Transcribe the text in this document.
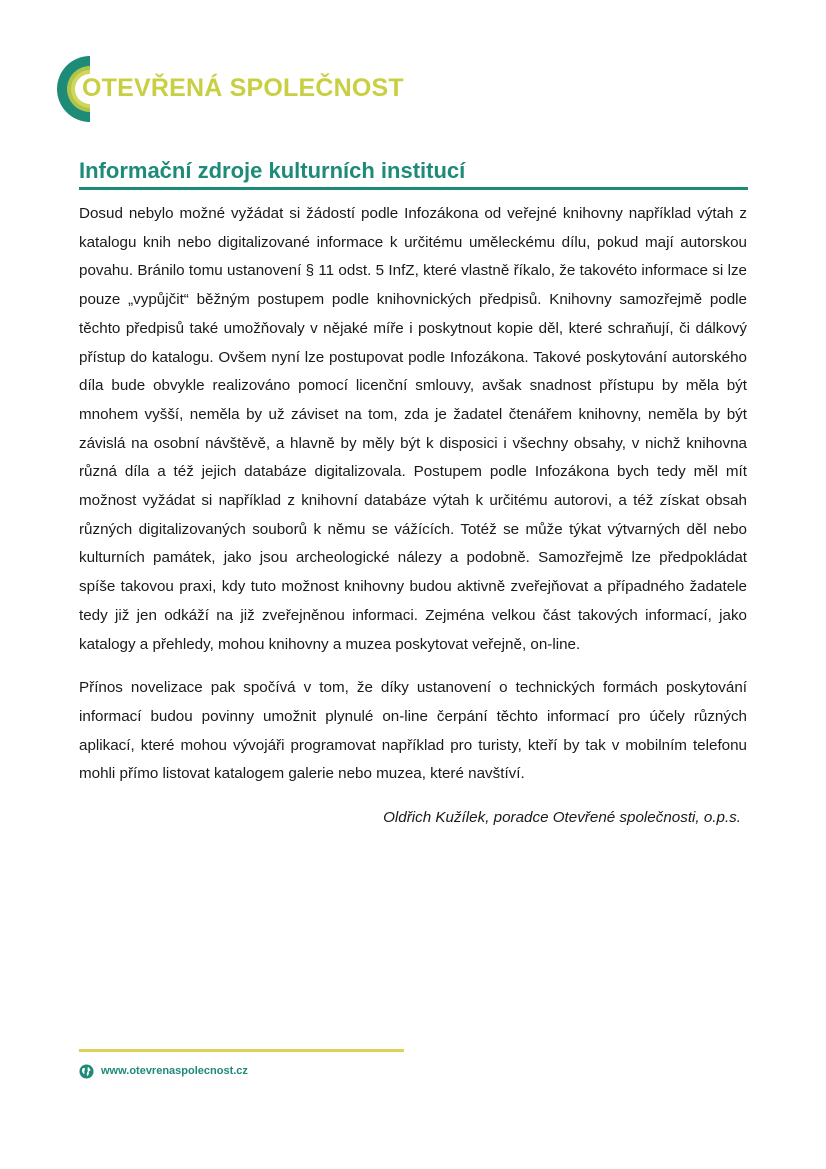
OTEVŘENÁ SPOLEČNOST
Informační zdroje kulturních institucí

Dosud nebylo možné vyžádat si žádostí podle Infozákona od veřejné knihovny například výtah z katalogu knih nebo digitalizované informace k určitému uměleckému dílu, pokud mají autorskou povahu. Bránilo tomu ustanovení § 11 odst. 5 InfZ, které vlastně říkalo, že takovéto informace si lze pouze „vypůjčit“ běžným postupem podle knihovnických předpisů. Knihovny samozřejmě podle těchto předpisů také umožňovaly v nějaké míře i poskytnout kopie děl, které schraňují, či dálkový přístup do katalogu. Ovšem nyní lze postupovat podle Infozákona. Takové poskytování autorského díla bude obvykle realizováno pomocí licenční smlouvy, avšak snadnost přístupu by měla být mnohem vyšší, neměla by už záviset na tom, zda je žadatel čtenářem knihovny, neměla by být závislá na osobní návštěvě, a hlavně by měly být k disposici i všechny obsahy, v nichž knihovna různá díla a též jejich databáze digitalizovala. Postupem podle Infozákona bych tedy měl mít možnost vyžádat si například z knihovní databáze výtah k určitému autorovi, a též získat obsah různých digitalizovaných souborů k němu se vážících. Totéž se může týkat výtvarných děl nebo kulturních památek, jako jsou archeologické nálezy a podobně. Samozřejmě lze předpokládat spíše takovou praxi, kdy tuto možnost knihovny budou aktivně zveřejňovat a případného žadatele tedy již jen odkáží na již zveřejněnou informaci. Zejména velkou část takových informací, jako katalogy a přehledy, mohou knihovny a muzea poskytovat veřejně, on-line.

Přínos novelizace pak spočívá v tom, že díky ustanovení o technických formách poskytování informací budou povinny umožnit plynulé on-line čerpání těchto informací pro účely různých aplikací, které mohou vývojáři programovat například pro turisty, kteří by tak v mobilním telefonu mohli přímo listovat katalogem galerie nebo muzea, které navštíví.

Oldřich Kužílek, poradce Otevřené společnosti, o.p.s.

www.otevrenaspolecnost.cz
